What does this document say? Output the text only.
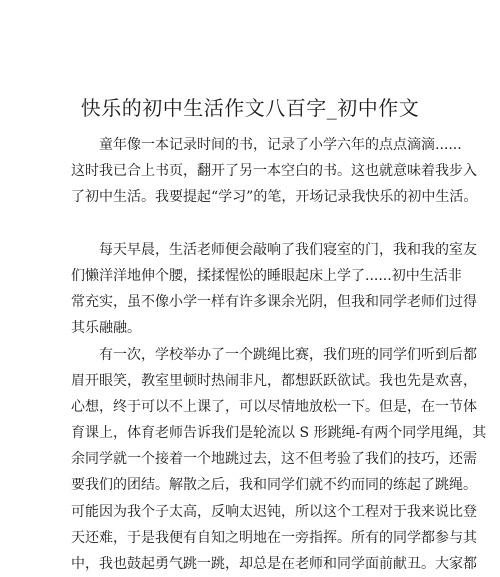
快乐的初中生活作文八百字_初中作文

童年像一本记录时间的书，记录了小学六年的点点滴滴......

这时我已合上书页，翻开了另一本空白的书。这也就意味着我步入

了初中生活。我要提起“学习”的笔，开场记录我快乐的初中生活。

每天早晨，生活老师便会敲响了我们寝室的门，我和我的室友

们懒洋洋地伸个腰，揉揉惺忪的睡眼起床上学了......初中生活非

常充实，虽不像小学一样有许多课余光阴，但我和同学老师们过得

其乐融融。

有一次，学校举办了一个跳绳比赛，我们班的同学们听到后都

眉开眼笑，教室里顿时热闹非凡，都想跃跃欲试。我也先是欢喜，

心想，终于可以不上课了，可以尽情地放松一下。但是，在一节体

育课上，体育老师告诉我们是轮流以 S 形跳绳-有两个同学甩绳，其

余同学就一个接着一个地跳过去，这不但考验了我们的技巧，还需

要我们的团结。解散之后，我和同学们就不约而同的练起了跳绳。

可能因为我个子太高，反响太迟钝，所以这个工程对于我来说比登

天还难，于是我便有自知之明地在一旁指挥。所有的同学都参与其

中，我也鼓起勇气跳一跳，却总是在老师和同学面前献丑。大家都
